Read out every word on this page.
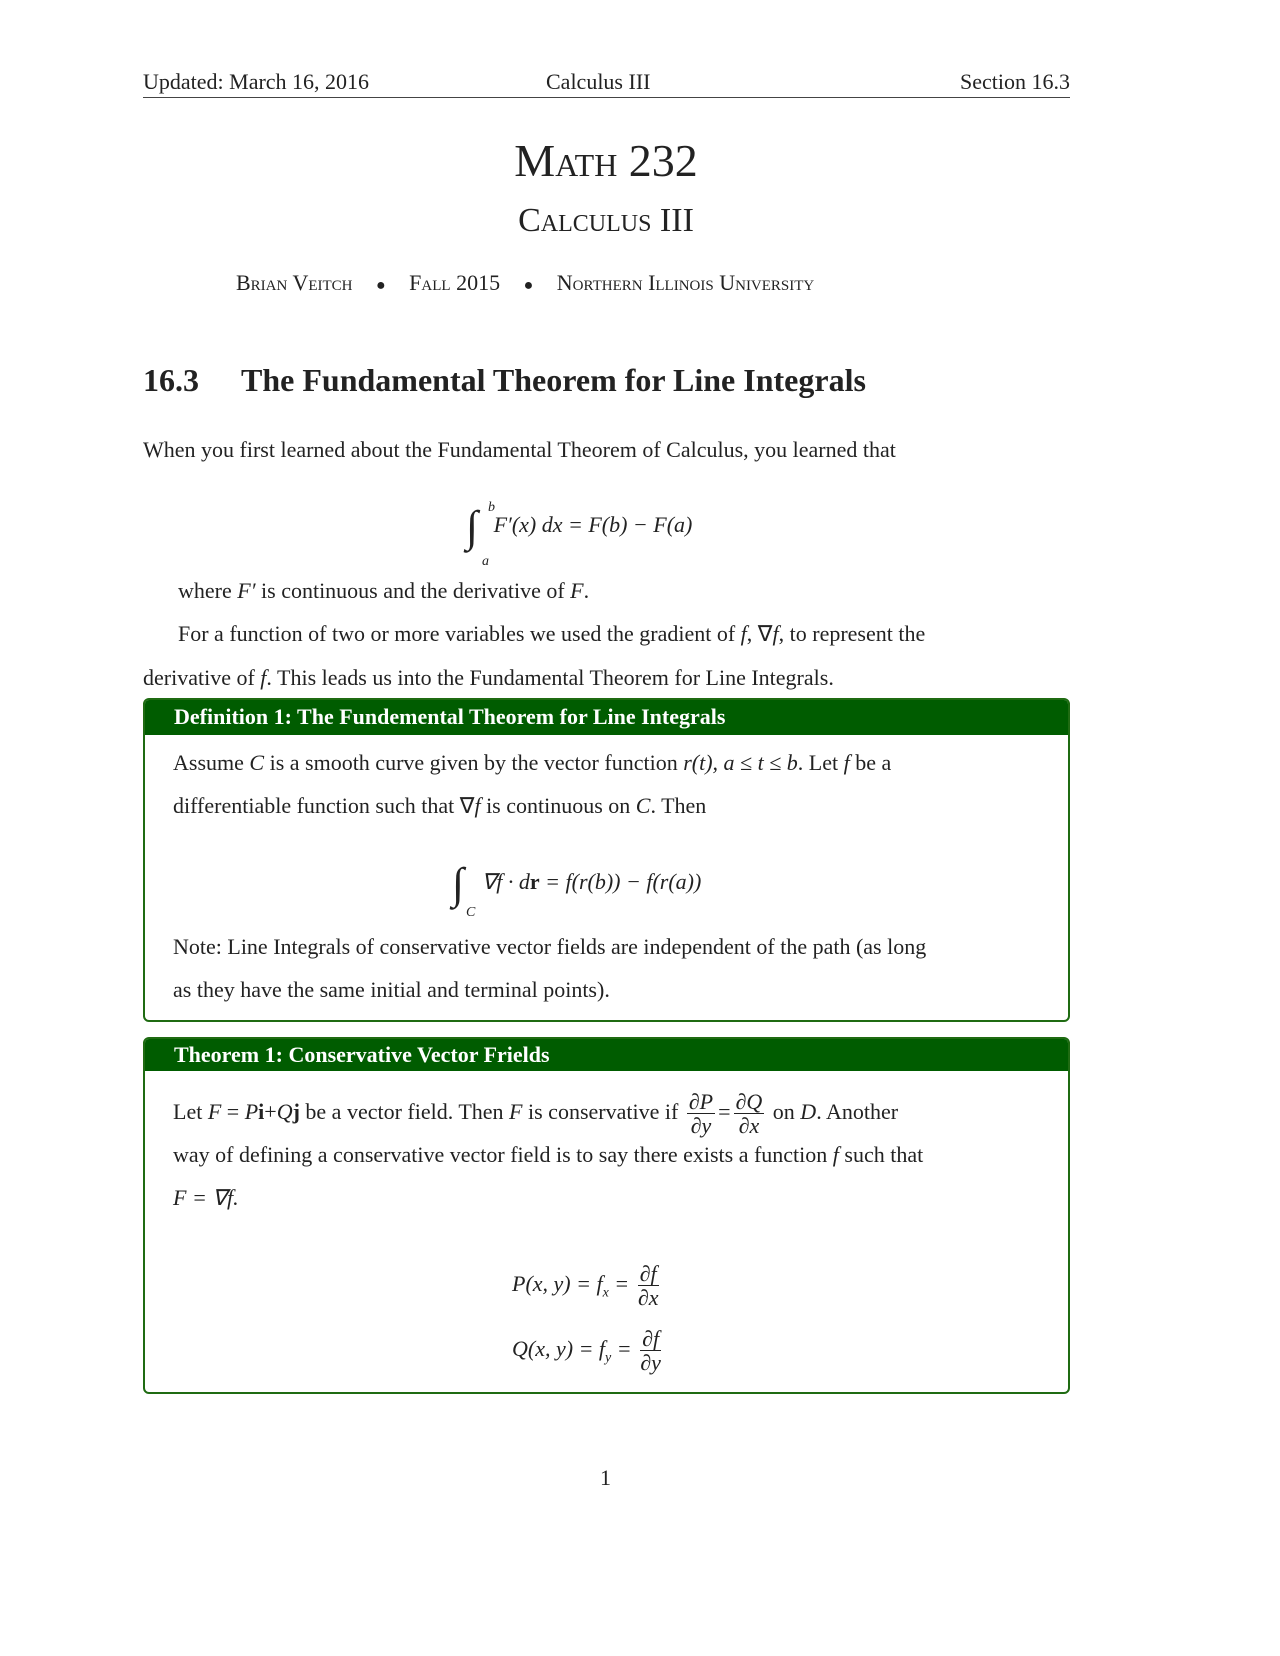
Updated: March 16, 2016	Calculus III	Section 16.3
Math 232
Calculus III
Brian Veitch ● Fall 2015 ● Northern Illinois University
16.3 The Fundamental Theorem for Line Integrals
When you first learned about the Fundamental Theorem of Calculus, you learned that
∫ b
a
F′(x) dx = F(b) − F(a)
where F′ is continuous and the derivative of F.
For a function of two or more variables we used the gradient of f, ∇f, to represent the
derivative of f. This leads us into the Fundamental Theorem for Line Integrals.
Definition 1: The Fundemental Theorem for Line Integrals
Assume C is a smooth curve given by the vector function r(t), a ≤ t ≤ b. Let f be a
differentiable function such that ∇f is continuous on C. Then
∫
C
∇f · dr = f(r(b)) − f(r(a))
Note: Line Integrals of conservative vector fields are independent of the path (as long
as they have the same initial and terminal points).
Theorem 1: Conservative Vector Frields
Let F = Pi+Qj be a vector field. Then F is conservative if $\frac{\partial P}{\partial y} = \frac{\partial Q}{\partial x}$ on D. Another
way of defining a conservative vector field is to say there exists a function f such that
F = ∇f.
P(x, $y) = f_x = \frac{\partial f}{\partial x}$
Q(x, $y) = f_y = \frac{\partial f}{\partial y}$
1
